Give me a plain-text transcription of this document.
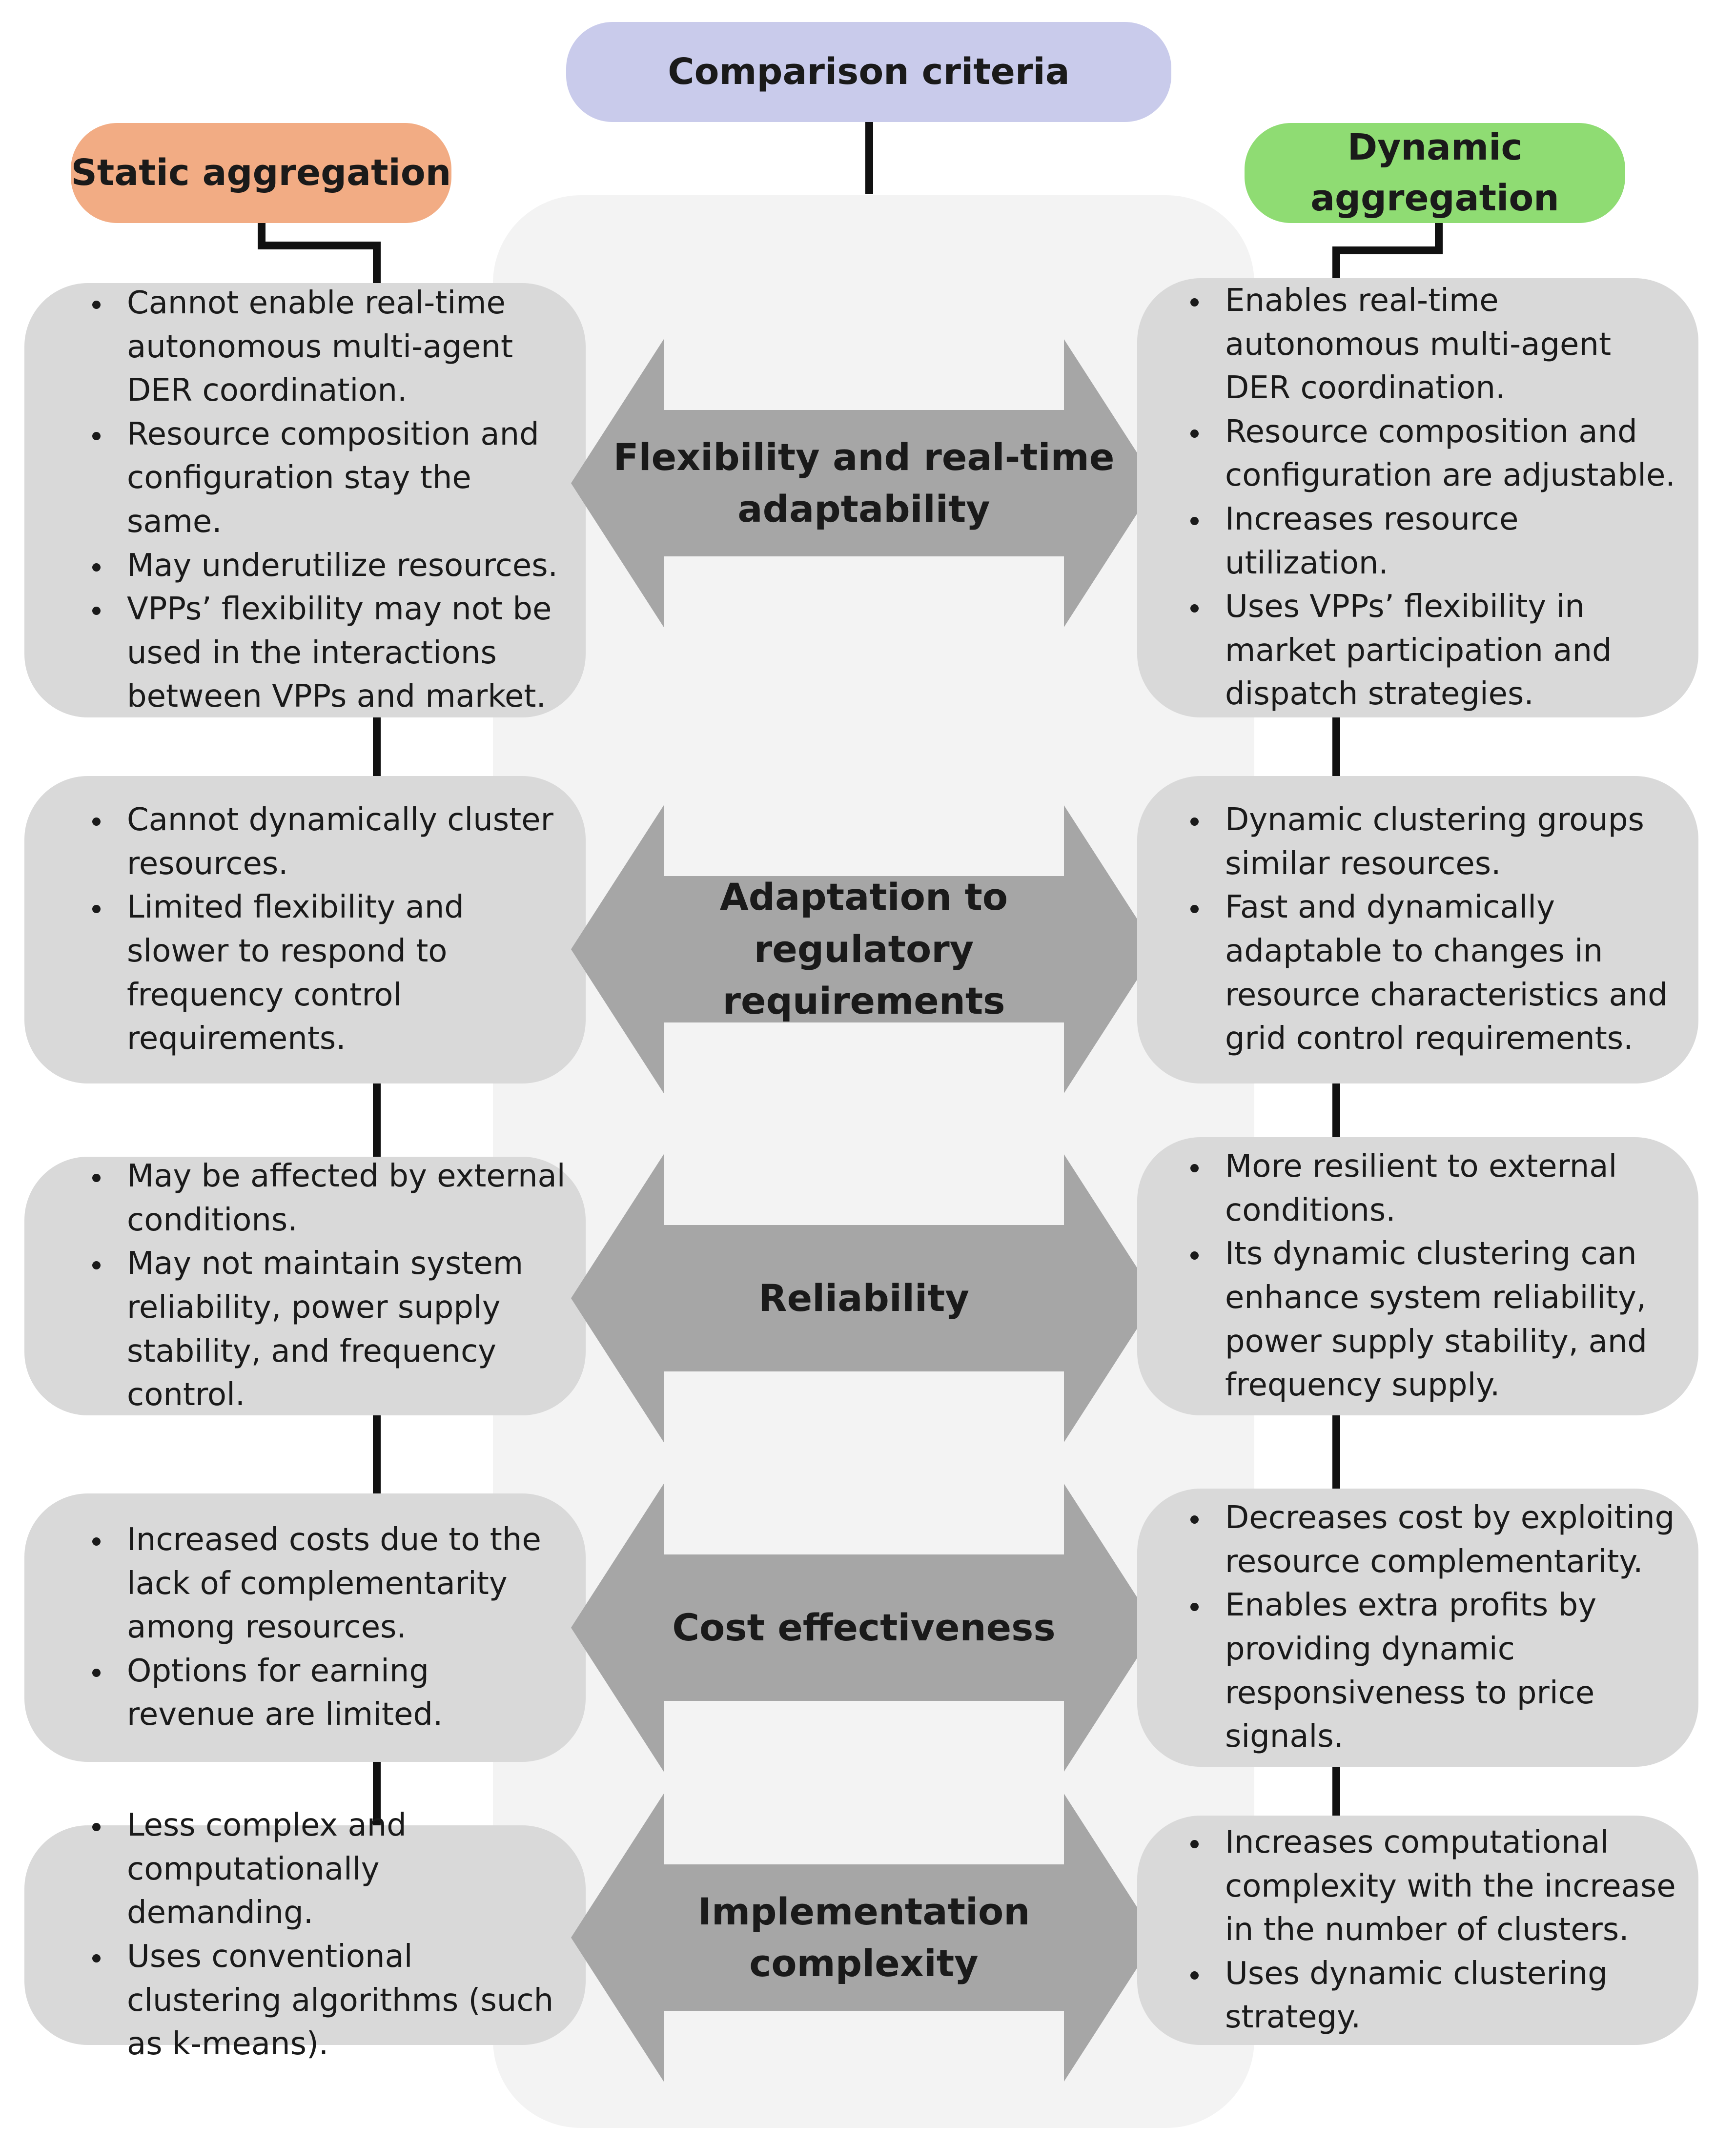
Comparison criteria
Static aggregation
Dynamic
aggregation
• Cannot enable real-time autonomous multi-agent DER coordination.
• Resource composition and configuration stay the same.
• May underutilize resources.
• VPPs’ flexibility may not be used in the interactions between VPPs and market.
Flexibility and real-time
adaptability
• Enables real-time autonomous multi-agent DER coordination.
• Resource composition and configuration are adjustable.
• Increases resource utilization.
• Uses VPPs’ flexibility in market participation and dispatch strategies.
• Cannot dynamically cluster resources.
• Limited flexibility and slower to respond to frequency control requirements.
Adaptation to regulatory
requirements
• Dynamic clustering groups similar resources.
• Fast and dynamically adaptable to changes in resource characteristics and grid control requirements.
• May be affected by external conditions.
• May not maintain system reliability, power supply stability, and frequency control.
Reliability
• More resilient to external conditions.
• Its dynamic clustering can enhance system reliability, power supply stability, and frequency supply.
• Increased costs due to the lack of complementarity among resources.
• Options for earning revenue are limited.
Cost effectiveness
• Decreases cost by exploiting resource complementarity.
• Enables extra profits by providing dynamic responsiveness to price signals.
• Less complex and computationally demanding.
• Uses conventional clustering algorithms (such as k-means).
Implementation
complexity
• Increases computational complexity with the increase in the number of clusters.
• Uses dynamic clustering strategy.
